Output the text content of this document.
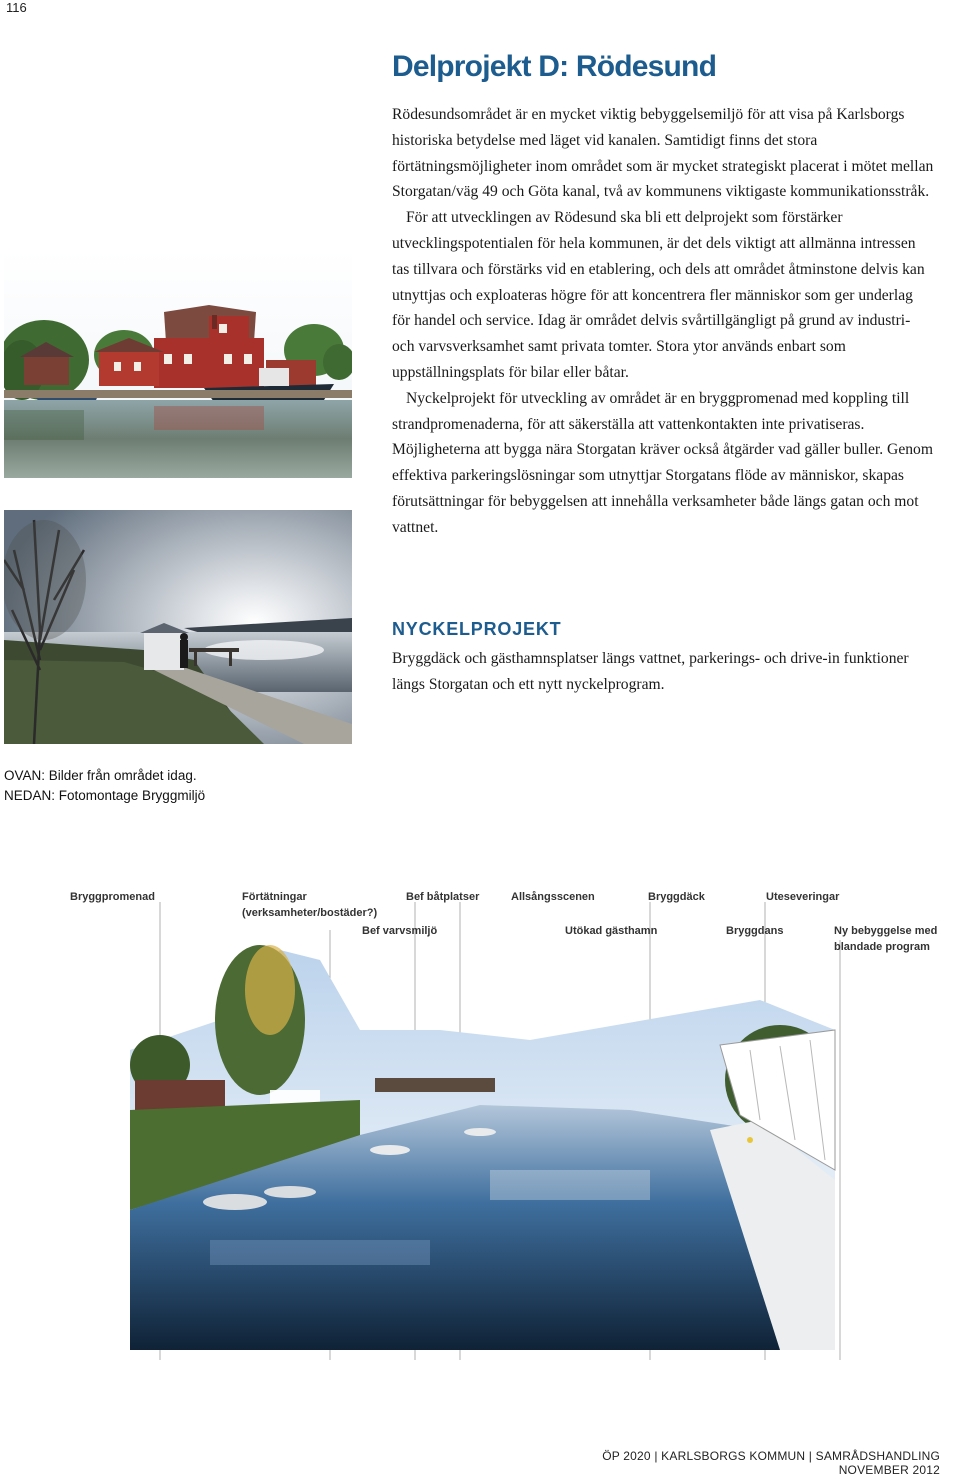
116
Delprojekt D: Rödesund

Rödesundsområdet är en mycket viktig bebyggelsemiljö för att visa på Karlsborgs historiska betydelse med läget vid kanalen. Samtidigt finns det stora förtätningsmöjligheter inom området som är mycket strategiskt placerat i mötet mellan Storgatan/väg 49 och Göta kanal, två av kommunens viktigaste kommunikationsstråk.

För att utvecklingen av Rödesund ska bli ett delprojekt som förstärker utvecklingspotentialen för hela kommunen, är det dels viktigt att allmänna intressen tas tillvara och förstärks vid en etablering, och dels att området åtminstone delvis kan utnyttjas och exploateras högre för att koncentrera fler människor som ger underlag för handel och service. Idag är området delvis svårtillgängligt på grund av industri- och varvsverksamhet samt privata tomter. Stora ytor används enbart som uppställningsplats för bilar eller båtar.

Nyckelprojekt för utveckling av området är en bryggpromenad med koppling till strandpromenaderna, för att säkerställa att vattenkontakten inte privatiseras. Möjligheterna att bygga nära Storgatan kräver också åtgärder vad gäller buller. Genom effektiva parkeringslösningar som utnyttjar Storgatans flöde av människor, skapas förutsättningar för bebyggelsen att innehålla verksamheter både längs gatan och mot vattnet.

NYCKELPROJEKT

Bryggdäck och gästhamnsplatser längs vattnet, parkerings- och drive-in funktioner längs Storgatan och ett nytt nyckelprogram.

OVAN: Bilder från området idag.
NEDAN: Fotomontage Bryggmiljö
Bryggpromenad	Förtätningar
(verksamheter/bostäder?)
Bef varvsmiljö
Bef båtplatser	Allsångsscenen
Utökad gästhamn
Bryggdäck	Uteseveringar
Bryggdans	Ny bebyggelse med
blandade program
ÖP 2020 | KARLSBORGS KOMMUN | SAMRÅDSHANDLING NOVEMBER 2012
